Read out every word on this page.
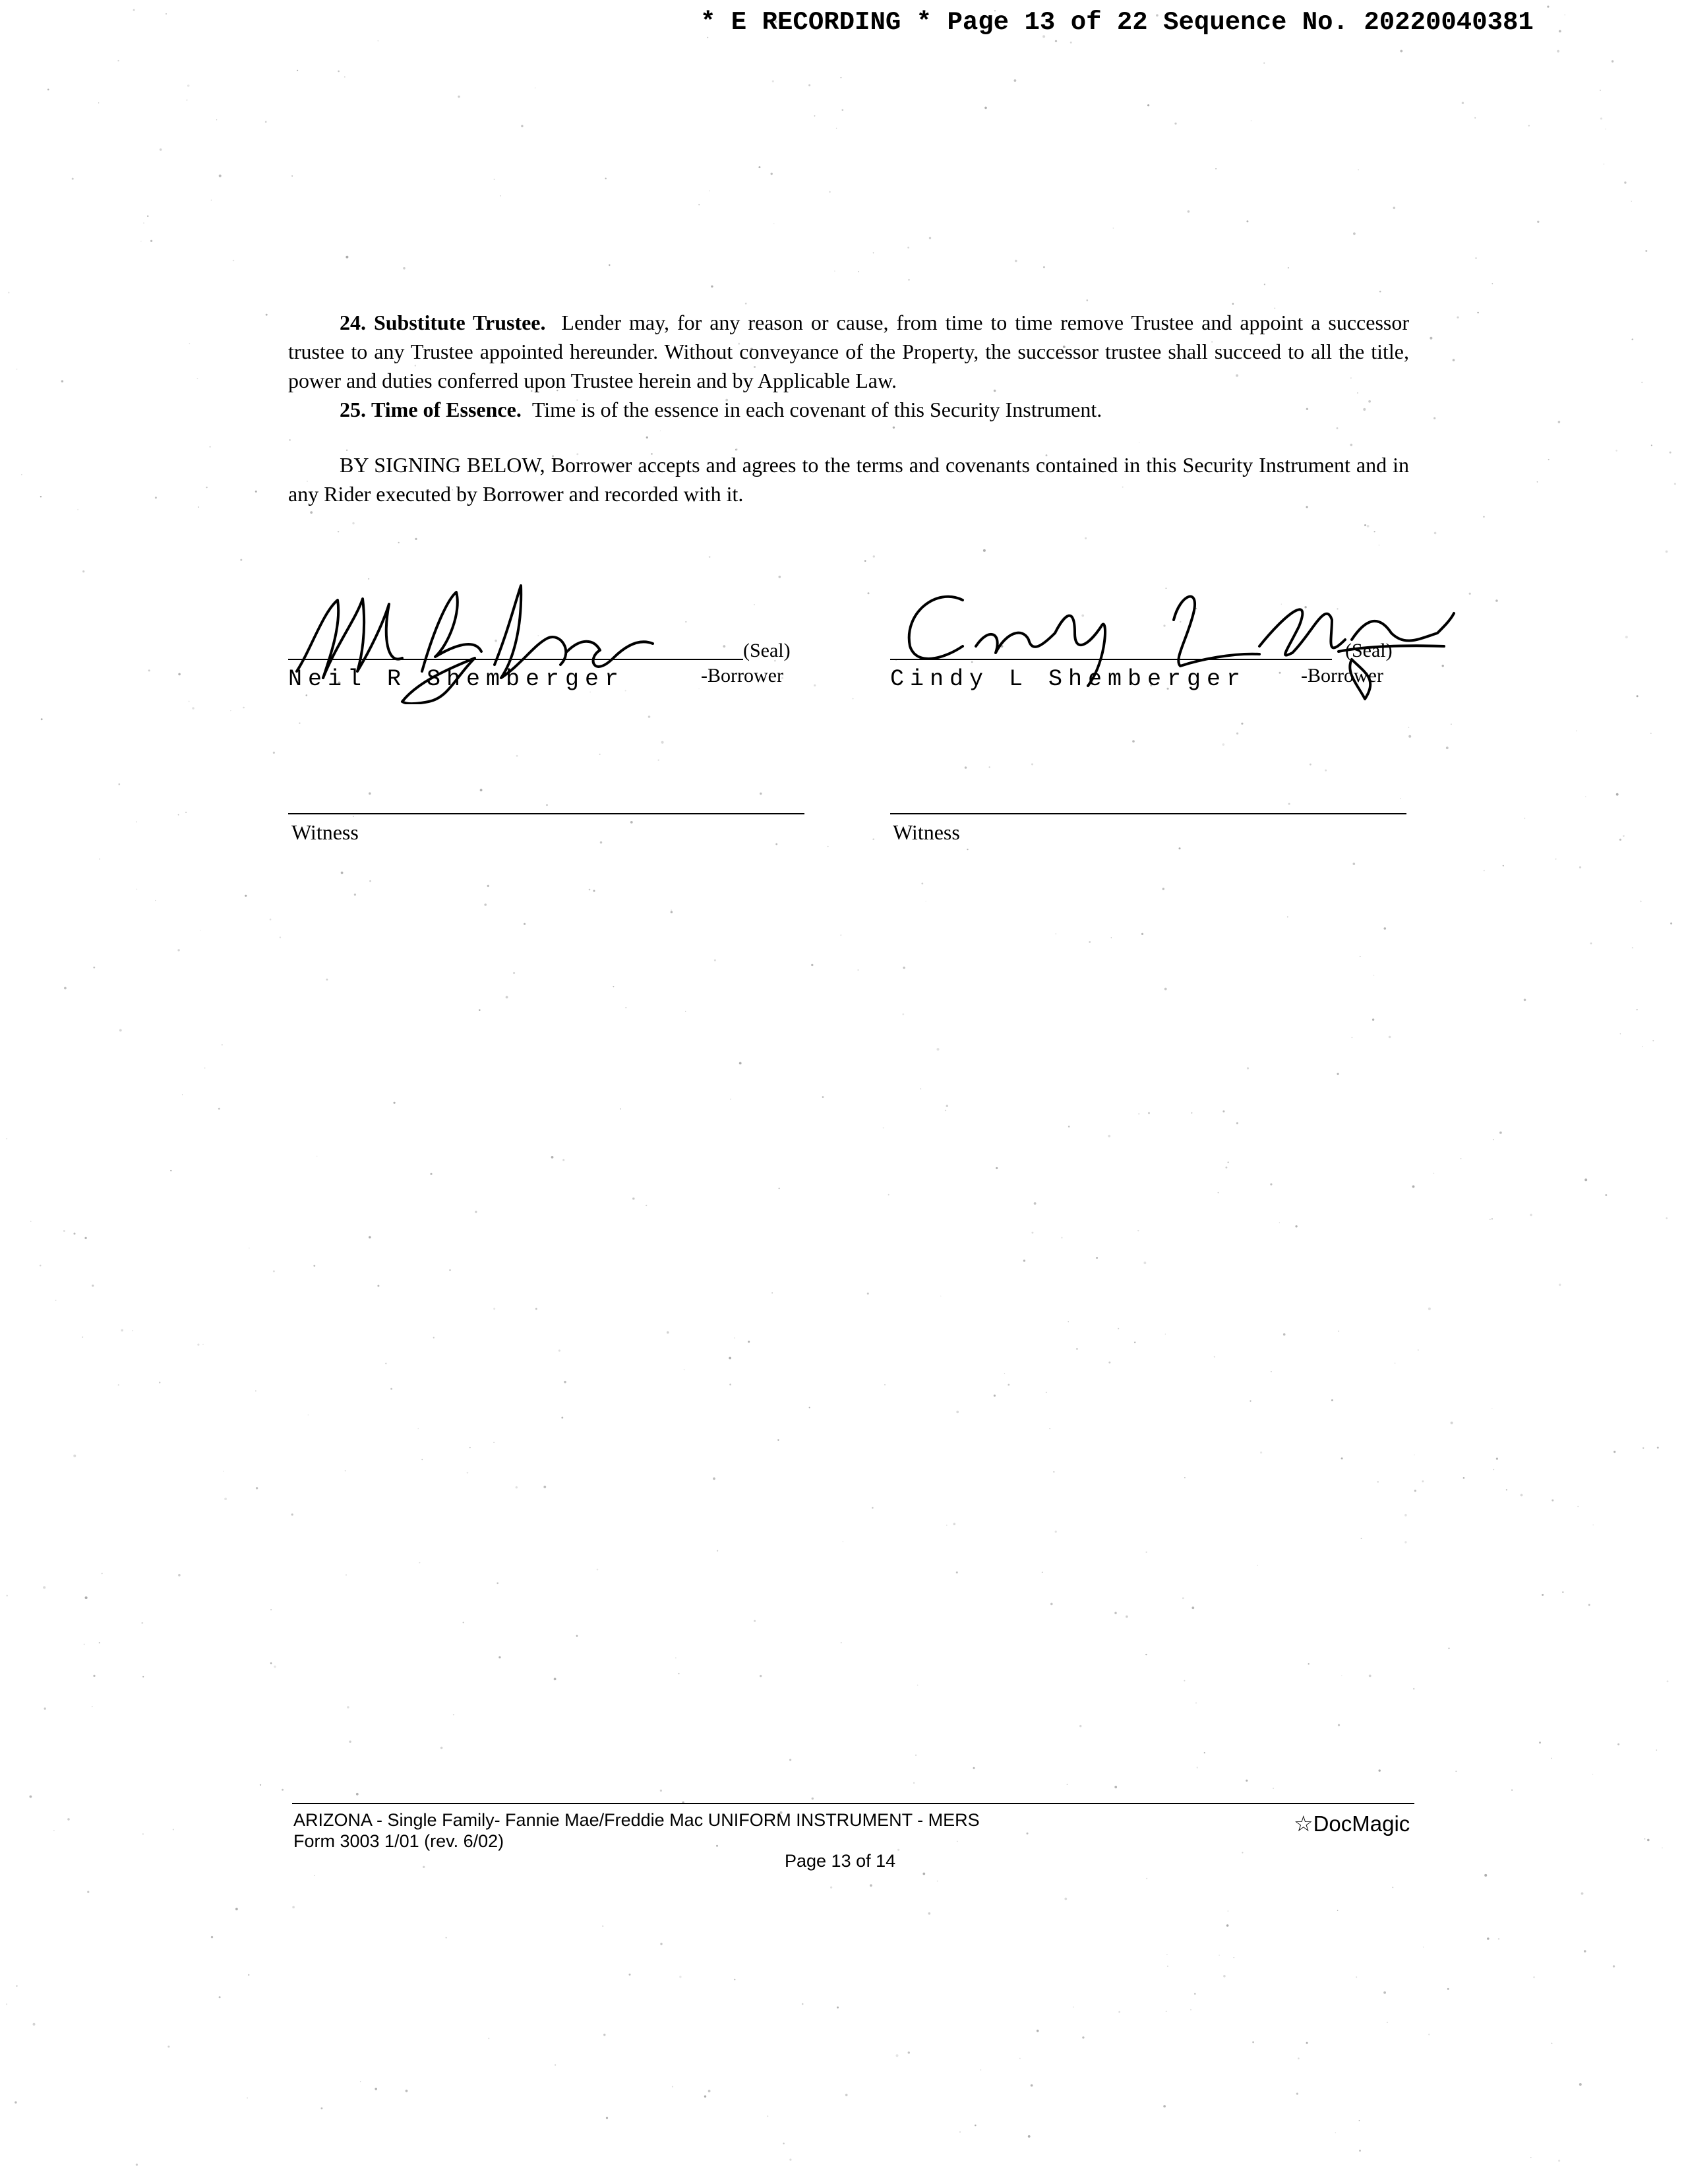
* E RECORDING * Page 13 of 22 Sequence No. 20220040381

24. Substitute Trustee. Lender may, for any reason or cause, from time to time remove Trustee and appoint a successor trustee to any Trustee appointed hereunder. Without conveyance of the Property, the successor trustee shall succeed to all the title, power and duties conferred upon Trustee herein and by Applicable Law.

25. Time of Essence. Time is of the essence in each covenant of this Security Instrument.

BY SIGNING BELOW, Borrower accepts and agrees to the terms and covenants contained in this Security Instrument and in any Rider executed by Borrower and recorded with it.

(Seal)
Neil R Shemberger	-Borrower
Witness
(Seal)
Cindy L Shemberger	-Borrower
Witness
ARIZONA - Single Family- Fannie Mae/Freddie Mac UNIFORM INSTRUMENT - MERS
Form 3003 1/01 (rev. 6/02)
Page 13 of 14
☆DocMagic
